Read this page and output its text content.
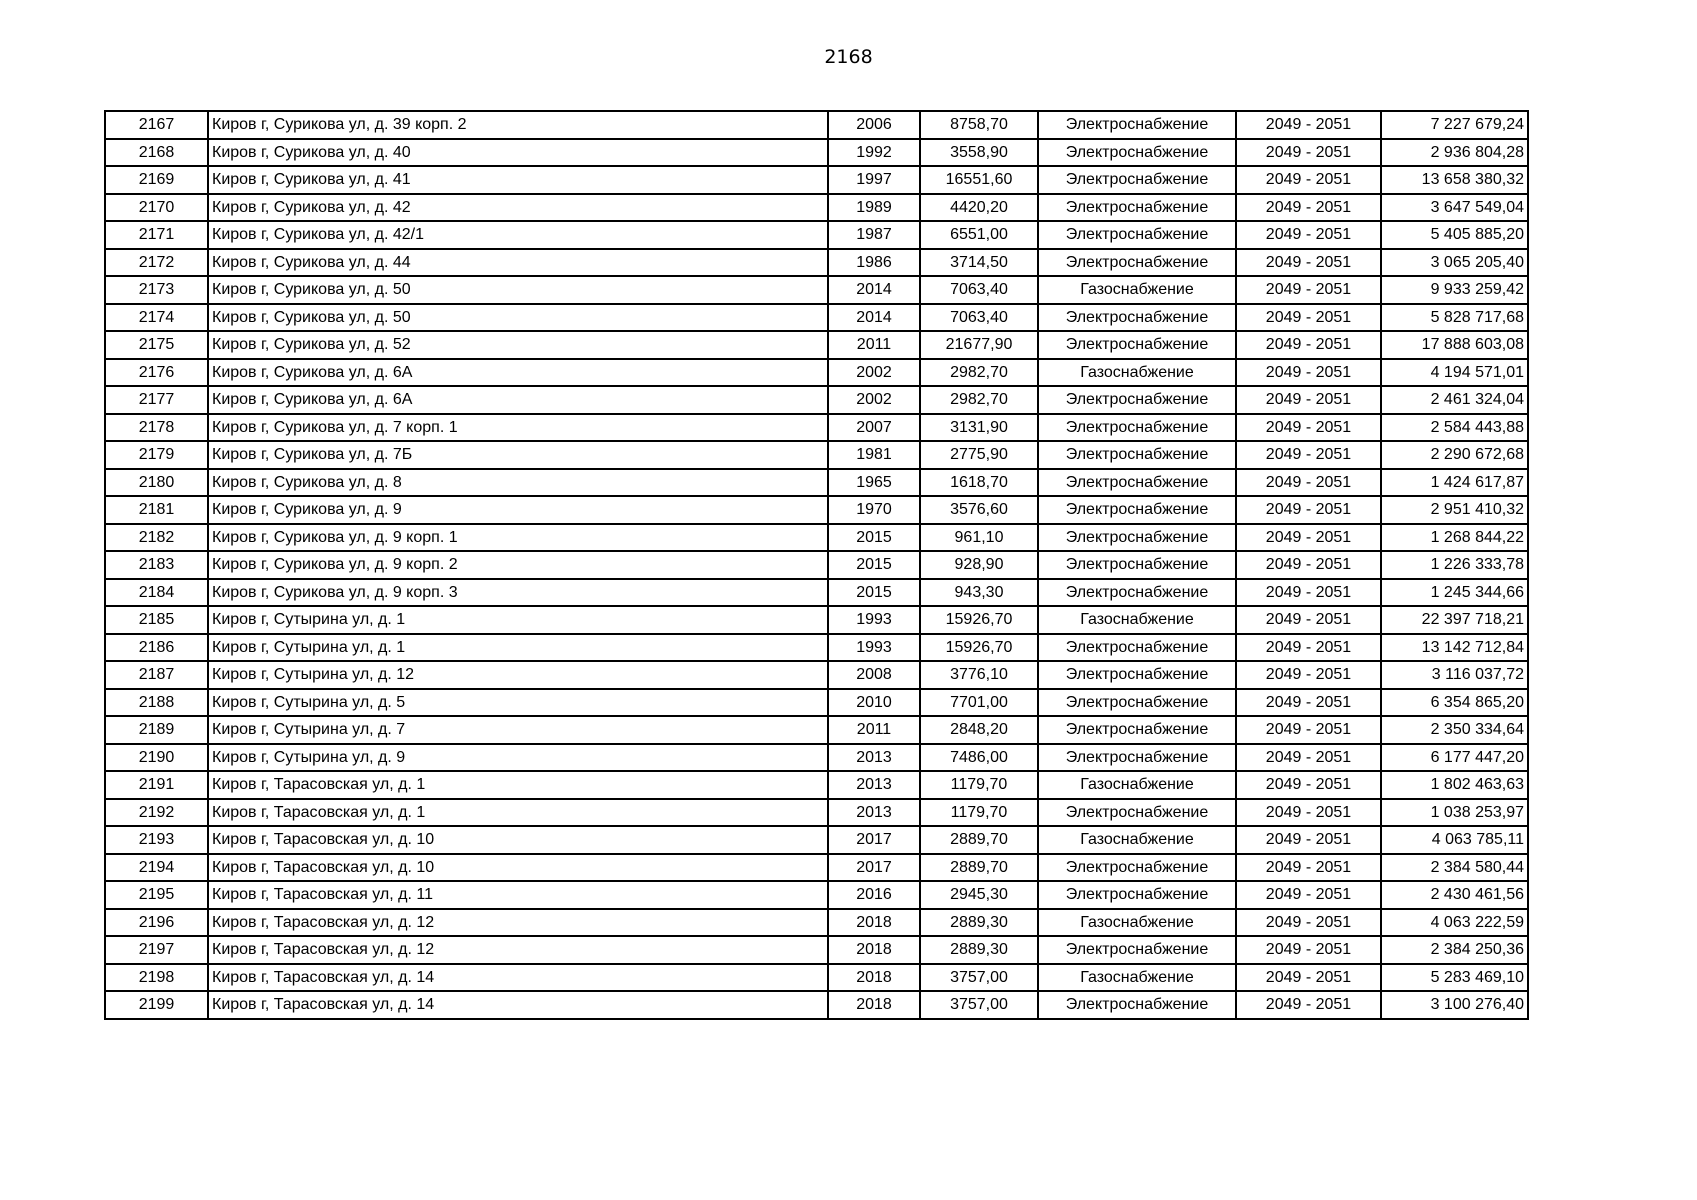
2168
2167	Киров г, Сурикова ул, д. 39 корп. 2	2006	8758,70	Электроснабжение	2049 - 2051	7 227 679,24
2168	Киров г, Сурикова ул, д. 40	1992	3558,90	Электроснабжение	2049 - 2051	2 936 804,28
2169	Киров г, Сурикова ул, д. 41	1997	16551,60	Электроснабжение	2049 - 2051	13 658 380,32
2170	Киров г, Сурикова ул, д. 42	1989	4420,20	Электроснабжение	2049 - 2051	3 647 549,04
2171	Киров г, Сурикова ул, д. 42/1	1987	6551,00	Электроснабжение	2049 - 2051	5 405 885,20
2172	Киров г, Сурикова ул, д. 44	1986	3714,50	Электроснабжение	2049 - 2051	3 065 205,40
2173	Киров г, Сурикова ул, д. 50	2014	7063,40	Газоснабжение	2049 - 2051	9 933 259,42
2174	Киров г, Сурикова ул, д. 50	2014	7063,40	Электроснабжение	2049 - 2051	5 828 717,68
2175	Киров г, Сурикова ул, д. 52	2011	21677,90	Электроснабжение	2049 - 2051	17 888 603,08
2176	Киров г, Сурикова ул, д. 6А	2002	2982,70	Газоснабжение	2049 - 2051	4 194 571,01
2177	Киров г, Сурикова ул, д. 6А	2002	2982,70	Электроснабжение	2049 - 2051	2 461 324,04
2178	Киров г, Сурикова ул, д. 7 корп. 1	2007	3131,90	Электроснабжение	2049 - 2051	2 584 443,88
2179	Киров г, Сурикова ул, д. 7Б	1981	2775,90	Электроснабжение	2049 - 2051	2 290 672,68
2180	Киров г, Сурикова ул, д. 8	1965	1618,70	Электроснабжение	2049 - 2051	1 424 617,87
2181	Киров г, Сурикова ул, д. 9	1970	3576,60	Электроснабжение	2049 - 2051	2 951 410,32
2182	Киров г, Сурикова ул, д. 9 корп. 1	2015	961,10	Электроснабжение	2049 - 2051	1 268 844,22
2183	Киров г, Сурикова ул, д. 9 корп. 2	2015	928,90	Электроснабжение	2049 - 2051	1 226 333,78
2184	Киров г, Сурикова ул, д. 9 корп. 3	2015	943,30	Электроснабжение	2049 - 2051	1 245 344,66
2185	Киров г, Сутырина ул, д. 1	1993	15926,70	Газоснабжение	2049 - 2051	22 397 718,21
2186	Киров г, Сутырина ул, д. 1	1993	15926,70	Электроснабжение	2049 - 2051	13 142 712,84
2187	Киров г, Сутырина ул, д. 12	2008	3776,10	Электроснабжение	2049 - 2051	3 116 037,72
2188	Киров г, Сутырина ул, д. 5	2010	7701,00	Электроснабжение	2049 - 2051	6 354 865,20
2189	Киров г, Сутырина ул, д. 7	2011	2848,20	Электроснабжение	2049 - 2051	2 350 334,64
2190	Киров г, Сутырина ул, д. 9	2013	7486,00	Электроснабжение	2049 - 2051	6 177 447,20
2191	Киров г, Тарасовская ул, д. 1	2013	1179,70	Газоснабжение	2049 - 2051	1 802 463,63
2192	Киров г, Тарасовская ул, д. 1	2013	1179,70	Электроснабжение	2049 - 2051	1 038 253,97
2193	Киров г, Тарасовская ул, д. 10	2017	2889,70	Газоснабжение	2049 - 2051	4 063 785,11
2194	Киров г, Тарасовская ул, д. 10	2017	2889,70	Электроснабжение	2049 - 2051	2 384 580,44
2195	Киров г, Тарасовская ул, д. 11	2016	2945,30	Электроснабжение	2049 - 2051	2 430 461,56
2196	Киров г, Тарасовская ул, д. 12	2018	2889,30	Газоснабжение	2049 - 2051	4 063 222,59
2197	Киров г, Тарасовская ул, д. 12	2018	2889,30	Электроснабжение	2049 - 2051	2 384 250,36
2198	Киров г, Тарасовская ул, д. 14	2018	3757,00	Газоснабжение	2049 - 2051	5 283 469,10
2199	Киров г, Тарасовская ул, д. 14	2018	3757,00	Электроснабжение	2049 - 2051	3 100 276,40
